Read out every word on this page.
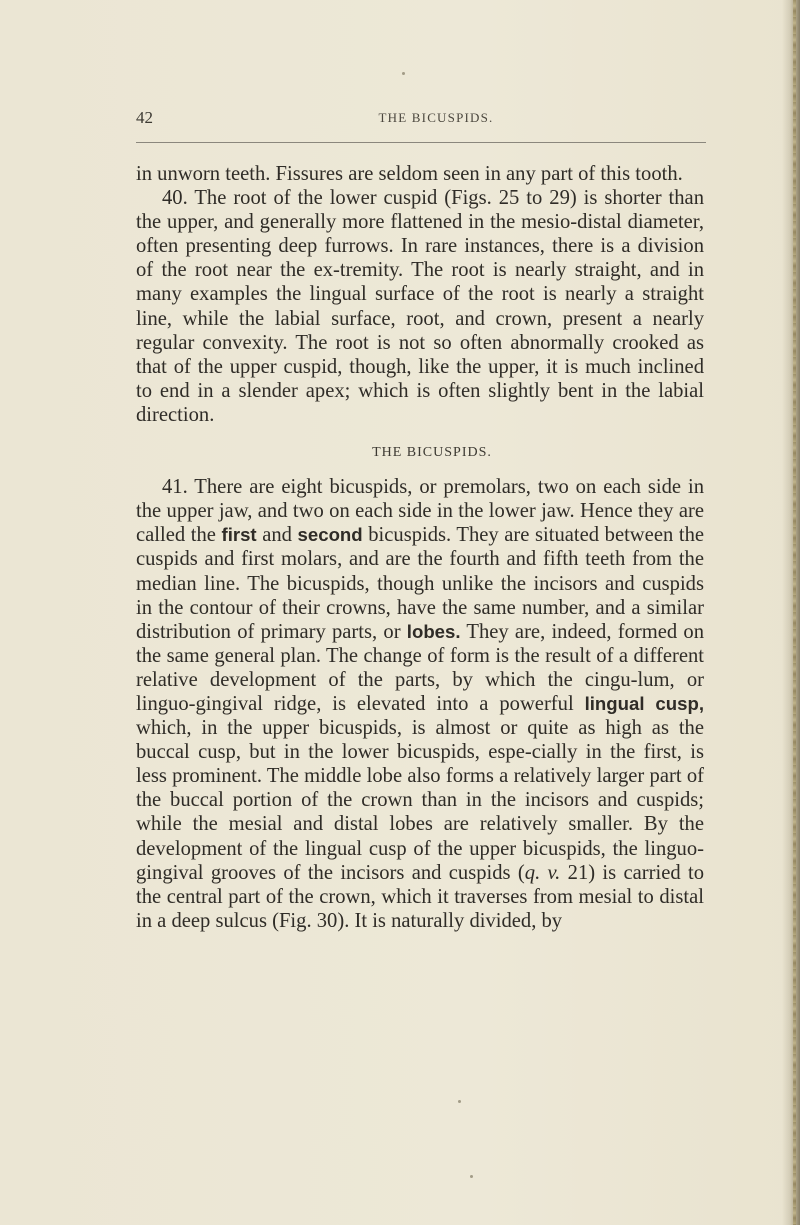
42	THE BICUSPIDS.

in unworn teeth. Fissures are seldom seen in any part of this tooth.

40. The root of the lower cuspid (Figs. 25 to 29) is shorter than the upper, and generally more flattened in the mesio-distal diameter, often presenting deep furrows. In rare instances, there is a division of the root near the ex-tremity. The root is nearly straight, and in many examples the lingual surface of the root is nearly a straight line, while the labial surface, root, and crown, present a nearly regular convexity. The root is not so often abnormally crooked as that of the upper cuspid, though, like the upper, it is much inclined to end in a slender apex; which is often slightly bent in the labial direction.

THE BICUSPIDS.

41. There are eight bicuspids, or premolars, two on each side in the upper jaw, and two on each side in the lower jaw. Hence they are called the first and second bicuspids. They are situated between the cuspids and first molars, and are the fourth and fifth teeth from the median line. The bicuspids, though unlike the incisors and cuspids in the contour of their crowns, have the same number, and a similar distribution of primary parts, or lobes. They are, indeed, formed on the same general plan. The change of form is the result of a different relative development of the parts, by which the cingu-lum, or linguo-gingival ridge, is elevated into a powerful lingual cusp, which, in the upper bicuspids, is almost or quite as high as the buccal cusp, but in the lower bicuspids, espe-cially in the first, is less prominent. The middle lobe also forms a relatively larger part of the buccal portion of the crown than in the incisors and cuspids; while the mesial and distal lobes are relatively smaller. By the development of the lingual cusp of the upper bicuspids, the linguo-gingival grooves of the incisors and cuspids (q. v. 21) is carried to the central part of the crown, which it traverses from mesial to distal in a deep sulcus (Fig. 30). It is naturally divided, by
